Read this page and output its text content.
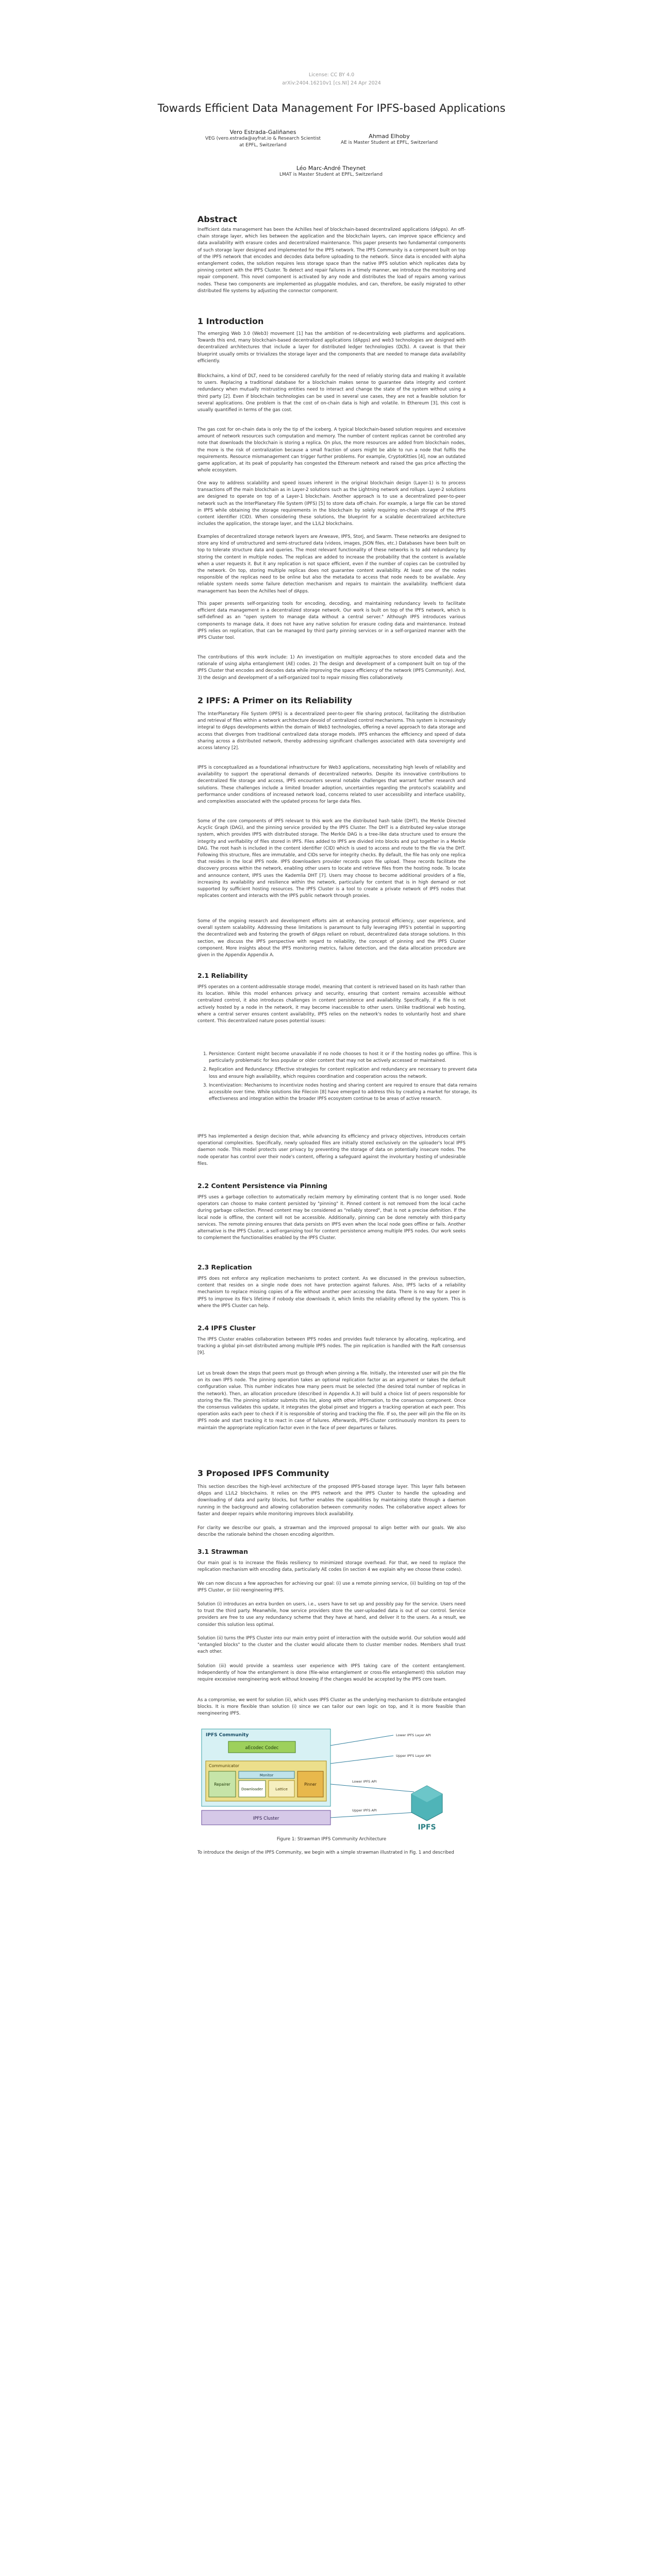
License: CC BY 4.0
arXiv:2404.16210v1 [cs.NI] 24 Apr 2024
Towards Efficient Data Management For IPFS-based Applications
Vero Estrada-Galiñanes
VEG (vero.estrada@ayfrat.io & Research Scientist at EPFL, Switzerland
Ahmad Elhoby
AE is Master Student at EPFL, Switzerland
Léo Marc-André Theynet
LMAT is Master Student at EPFL, Switzerland
Abstract

Inefficient data management has been the Achilles heel of blockchain-based decentralized applications (dApps). An off-chain storage layer, which lies between the application and the blockchain layers, can improve space efficiency and data availability with erasure codes and decentralized maintenance. This paper presents two fundamental components of such storage layer designed and implemented for the IPFS network. The IPFS Community is a component built on top of the IPFS network that encodes and decodes data before uploading to the network. Since data is encoded with alpha entanglement codes, the solution requires less storage space than the native IPFS solution which replicates data by pinning content with the IPFS Cluster. To detect and repair failures in a timely manner, we introduce the monitoring and repair component. This novel component is activated by any node and distributes the load of repairs among various nodes. These two components are implemented as pluggable modules, and can, therefore, be easily migrated to other distributed file systems by adjusting the connector component.

1 Introduction

The emerging Web 3.0 (Web3) movement [1] has the ambition of re-decentralizing web platforms and applications. Towards this end, many blockchain-based decentralized applications (dApps) and web3 technologies are designed with decentralized architectures that include a layer for distributed ledger technologies (DLTs). A caveat is that their blueprint usually omits or trivializes the storage layer and the components that are needed to manage data availability efficiently.

Blockchains, a kind of DLT, need to be considered carefully for the need of reliably storing data and making it available to users. Replacing a traditional database for a blockchain makes sense to guarantee data integrity and content redundancy when mutually mistrusting entities need to interact and change the state of the system without using a third party [2]. Even if blockchain technologies can be used in several use cases, they are not a feasible solution for several applications. One problem is that the cost of on-chain data is high and volatile. In Ethereum [3], this cost is usually quantified in terms of the gas cost.

The gas cost for on-chain data is only the tip of the iceberg. A typical blockchain-based solution requires and excessive amount of network resources such computation and memory. The number of content replicas cannot be controlled any note that downloads the blockchain is storing a replica. On plus, the more resources are added from blockchain nodes, the more is the risk of centralization because a small fraction of users might be able to run a node that fulfils the requirements. Resource mismanagement can trigger further problems. For example, CryptoKitties [4], now an outdated game application, at its peak of popularity has congested the Ethereum network and raised the gas price affecting the whole ecosystem.

One way to address scalability and speed issues inherent in the original blockchain design (Layer-1) is to process transactions off the main blockchain as in Layer-2 solutions such as the Lightning network and rollups. Layer-2 solutions are designed to operate on top of a Layer-1 blockchain. Another approach is to use a decentralized peer-to-peer network such as the InterPlanetary File System (IPFS) [5] to store data off-chain. For example, a large file can be stored in IPFS while obtaining the storage requirements in the blockchain by solely requiring on-chain storage of the IPFS content identifier (CID). When considering these solutions, the blueprint for a scalable decentralized architecture includes the application, the storage layer, and the L1/L2 blockchains.

Examples of decentralized storage network layers are Arweave, IPFS, Storj, and Swarm. These networks are designed to store any kind of unstructured and semi-structured data (videos, images, JSON files, etc.) Databases have been built on top to tolerate structure data and queries. The most relevant functionality of these networks is to add redundancy by storing the content in multiple nodes. The replicas are added to increase the probability that the content is available when a user requests it. But it any replication is not space efficient, even if the number of copies can be controlled by the network. On top, storing multiple replicas does not guarantee content availability. At least one of the nodes responsible of the replicas need to be online but also the metadata to access that node needs to be available. Any reliable system needs some failure detection mechanism and repairs to maintain the availability. Inefficient data management has been the Achilles heel of dApps.

This paper presents self-organizing tools for encoding, decoding, and maintaining redundancy levels to facilitate efficient data management in a decentralized storage network. Our work is built on top of the IPFS network, which is self-defined as an "open system to manage data without a central server." Although IPFS introduces various components to manage data, it does not have any native solution for erasure coding data and maintenance. Instead IPFS relies on replication, that can be managed by third party pinning services or in a self-organized manner with the IPFS Cluster tool.

The contributions of this work include: 1) An investigation on multiple approaches to store encoded data and the rationale of using alpha entanglement (AE) codes. 2) The design and development of a component built on top of the IPFS Cluster that encodes and decodes data while improving the space efficiency of the network (IPFS Community). And, 3) the design and development of a self-organized tool to repair missing files collaboratively.

2 IPFS: A Primer on its Reliability

The InterPlanetary File System (IPFS) is a decentralized peer-to-peer file sharing protocol, facilitating the distribution and retrieval of files within a network architecture devoid of centralized control mechanisms. This system is increasingly integral to dApps developments within the domain of Web3 technologies, offering a novel approach to data storage and access that diverges from traditional centralized data storage models. IPFS enhances the efficiency and speed of data sharing across a distributed network, thereby addressing significant challenges associated with data sovereignty and access latency [2].

IPFS is conceptualized as a foundational infrastructure for Web3 applications, necessitating high levels of reliability and availability to support the operational demands of decentralized networks. Despite its innovative contributions to decentralized file storage and access, IPFS encounters several notable challenges that warrant further research and solutions. These challenges include a limited broader adoption, uncertainties regarding the protocol's scalability and performance under conditions of increased network load, concerns related to user accessibility and interface usability, and complexities associated with the updated process for large data files.

Some of the core components of IPFS relevant to this work are the distributed hash table (DHT), the Merkle Directed Acyclic Graph (DAG), and the pinning service provided by the IPFS Cluster. The DHT is a distributed key-value storage system, which provides IPFS with distributed storage. The Merkle DAG is a tree-like data structure used to ensure the integrity and verifiability of files stored in IPFS. Files added to IPFS are divided into blocks and put together in a Merkle DAG. The root hash is included in the content identifier (CID) which is used to access and route to the file via the DHT. Following this structure, files are immutable, and CIDs serve for integrity checks. By default, the file has only one replica that resides in the local IPFS node. IPFS downloaders provider records upon file upload. These records facilitate the discovery process within the network, enabling other users to locate and retrieve files from the hosting node. To locate and announce content, IPFS uses the Kademlia DHT [7]. Users may choose to become additional providers of a file, increasing its availability and resilience within the network, particularly for content that is in high demand or not supported by sufficient hosting resources. The IPFS Cluster is a tool to create a private network of IPFS nodes that replicates content and interacts with the IPFS public network through proxies.

Some of the ongoing research and development efforts aim at enhancing protocol efficiency, user experience, and overall system scalability. Addressing these limitations is paramount to fully leveraging IPFS's potential in supporting the decentralized web and fostering the growth of dApps reliant on robust, decentralized data storage solutions. In this section, we discuss the IPFS perspective with regard to reliability, the concept of pinning and the IPFS Cluster component. More insights about the IPFS monitoring metrics, failure detection, and the data allocation procedure are given in the Appendix Appendix A.

2.1 Reliability

IPFS operates on a content-addressable storage model, meaning that content is retrieved based on its hash rather than its location. While this model enhances privacy and security, ensuring that content remains accessible without centralized control, it also introduces challenges in content persistence and availability. Specifically, if a file is not actively hosted by a node in the network, it may become inaccessible to other users. Unlike traditional web hosting, where a central server ensures content availability, IPFS relies on the network's nodes to voluntarily host and share content. This decentralized nature poses potential issues:

1. Persistence: Content might become unavailable if no node chooses to host it or if the hosting nodes go offline. This is particularly problematic for less popular or older content that may not be actively accessed or maintained.
2. Replication and Redundancy: Effective strategies for content replication and redundancy are necessary to prevent data loss and ensure high availability, which requires coordination and cooperation across the network.
3. Incentivization: Mechanisms to incentivize nodes hosting and sharing content are required to ensure that data remains accessible over time. While solutions like Filecoin [8] have emerged to address this by creating a market for storage, its effectiveness and integration within the broader IPFS ecosystem continue to be areas of active research.

IPFS has implemented a design decision that, while advancing its efficiency and privacy objectives, introduces certain operational complexities. Specifically, newly uploaded files are initially stored exclusively on the uploader's local IPFS daemon node. This model protects user privacy by preventing the storage of data on potentially insecure nodes. The node operator has control over their node's content, offering a safeguard against the involuntary hosting of undesirable files.

2.2 Content Persistence via Pinning

IPFS uses a garbage collection to automatically reclaim memory by eliminating content that is no longer used. Node operators can choose to make content persisted by "pinning" it. Pinned content is not removed from the local cache during garbage collection. Pinned content may be considered as "reliably stored", that is not a precise definition. If the local node is offline, the content will not be accessible. Additionally, pinning can be done remotely with third-party services. The remote pinning ensures that data persists on IPFS even when the local node goes offline or fails. Another alternative is the IPFS Cluster, a self-organizing tool for content persistence among multiple IPFS nodes. Our work seeks to complement the functionalities enabled by the IPFS Cluster.

2.3 Replication

IPFS does not enforce any replication mechanisms to protect content. As we discussed in the previous subsection, content that resides on a single node does not have protection against failures. Also, IPFS lacks of a reliability mechanism to replace missing copies of a file without another peer accessing the data. There is no way for a peer in IPFS to improve its file's lifetime if nobody else downloads it, which limits the reliability offered by the system. This is where the IPFS Cluster can help.

2.4 IPFS Cluster

The IPFS Cluster enables collaboration between IPFS nodes and provides fault tolerance by allocating, replicating, and tracking a global pin-set distributed among multiple IPFS nodes. The pin replication is handled with the Raft consensus [9].

Let us break down the steps that peers must go through when pinning a file. Initially, the interested user will pin the file on its own IPFS node. The pinning operation takes an optional replication factor as an argument or takes the default configuration value. This number indicates how many peers must be selected (the desired total number of replicas in the network). Then, an allocation procedure (described in Appendix A.3) will build a choice list of peers responsible for storing the file. The pinning initiator submits this list, along with other information, to the consensus component. Once the consensus validates this update, it integrates the global pinset and triggers a tracking operation at each peer. This operation asks each peer to check if it is responsible of storing and tracking the file. If so, the peer will pin the file on its IPFS node and start tracking it to react in case of failures. Afterwards, IPFS-Cluster continuously monitors its peers to maintain the appropriate replication factor even in the face of peer departures or failures.

3 Proposed IPFS Community

This section describes the high-level architecture of the proposed IPFS-based storage layer. This layer falls between dApps and L1/L2 blockchains. It relies on the IPFS network and the IPFS Cluster to handle the uploading and downloading of data and parity blocks, but further enables the capabilities by maintaining state through a daemon running in the background and allowing collaboration between community nodes. The collaborative aspect allows for faster and deeper repairs while monitoring improves block availability.

For clarity we describe our goals, a strawman and the improved proposal to align better with our goals. We also describe the rationale behind the chosen encoding algorithm.

3.1 Strawman

Our main goal is to increase the fileâs resiliency to minimized storage overhead. For that, we need to replace the replication mechanism with encoding data, particularly AE codes (in section 4 we explain why we choose these codes).

We can now discuss a few approaches for achieving our goal: (i) use a remote pinning service, (ii) building on top of the IPFS Cluster, or (iii) reengineering IPFS.

Solution (i) introduces an extra burden on users, i.e., users have to set up and possibly pay for the service. Users need to trust the third party. Meanwhile, how service providers store the user-uploaded data is out of our control. Service providers are free to use any redundancy scheme that they have at hand, and deliver it to the users. As a result, we consider this solution less optimal.

Solution (ii) turns the IPFS Cluster into our main entry point of interaction with the outside world. Our solution would add "entangled blocks" to the cluster and the cluster would allocate them to cluster member nodes. Members shall trust each other.

Solution (iii) would provide a seamless user experience with IPFS taking care of the content entanglement. Independently of how the entanglement is done (file-wise entanglement or cross-file entanglement) this solution may require excessive reengineering work without knowing if the changes would be accepted by the IPFS core team.

As a compromise, we went for solution (ii), which uses IPFS Cluster as the underlying mechanism to distribute entangled blocks. It is more flexible than solution (i) since we can tailor our own logic on top, and it is more feasible than reengineering IPFS.

IPFS Community
aEcodec Codec
Communicator
Repairer
Downloader	Lattice
Pinner
Monitor
IPFS Cluster
Lower IPFS Layer API
Upper IPFS Layer API
Lower IPFS API
Upper IPFS API
IPFS
Figure 1: Strawman IPFS Community Architecture

To introduce the design of the IPFS Community, we begin with a simple strawman illustrated in Fig. 1 and described
